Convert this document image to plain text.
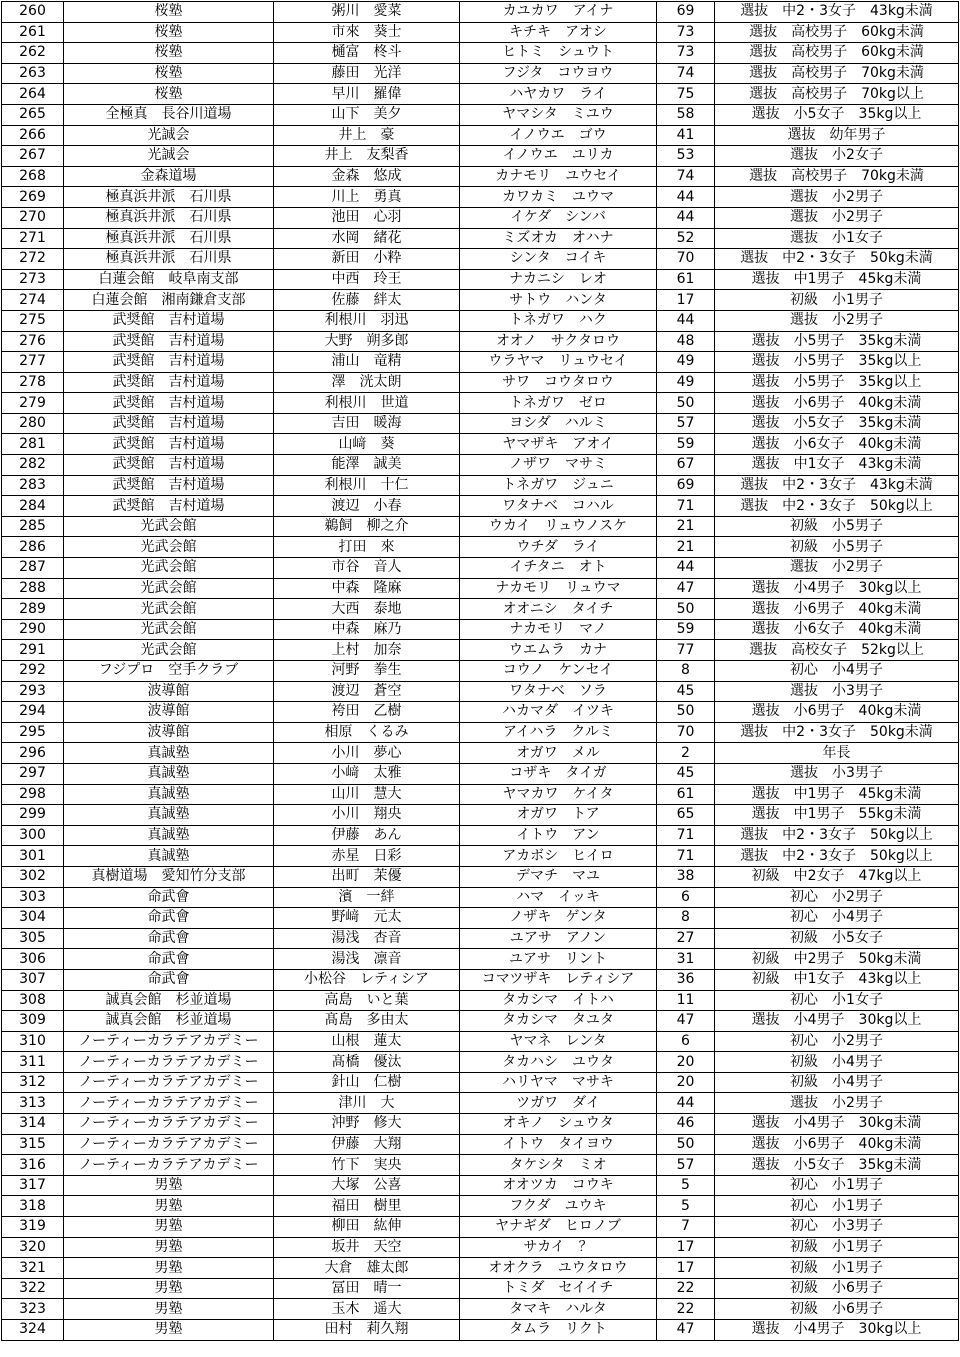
260	桜塾	粥川　愛菜	カユカワ　アイナ	69	選抜　中2・3女子　43kg未満
261	桜塾	市來　葵士	キチキ　アオシ	73	選抜　高校男子　60kg未満
262	桜塾	樋富　柊斗	ヒトミ　シュウト	73	選抜　高校男子　60kg未満
263	桜塾	藤田　光洋	フジタ　コウヨウ	74	選抜　高校男子　70kg未満
264	桜塾	早川　羅偉	ハヤカワ　ライ	75	選抜　高校男子　70kg以上
265	全極真　長谷川道場	山下　美夕	ヤマシタ　ミユウ	58	選抜　小5女子　35kg以上
266	光誠会	井上　豪	イノウエ　ゴウ	41	選抜　幼年男子
267	光誠会	井上　友梨香	イノウエ　ユリカ	53	選抜　小2女子
268	金森道場	金森　悠成	カナモリ　ユウセイ	74	選抜　高校男子　70kg未満
269	極真浜井派　石川県	川上　勇真	カワカミ　ユウマ	44	選抜　小2男子
270	極真浜井派　石川県	池田　心羽	イケダ　シンバ	44	選抜　小2男子
271	極真浜井派　石川県	水岡　緒花	ミズオカ　オハナ	52	選抜　小1女子
272	極真浜井派　石川県	新田　小粋	シンタ　コイキ	70	選抜　中2・3女子　50kg未満
273	白蓮会館　岐阜南支部	中西　玲王	ナカニシ　レオ	61	選抜　中1男子　45kg未満
274	白蓮会館　湘南鎌倉支部	佐藤　絆太	サトウ　ハンタ	17	初級　小1男子
275	武奨館　吉村道場	利根川　羽迅	トネガワ　ハク	44	選抜　小2男子
276	武奨館　吉村道場	大野　朔多郎	オオノ　サクタロウ	48	選抜　小5男子　35kg未満
277	武奨館　吉村道場	浦山　竜精	ウラヤマ　リュウセイ	49	選抜　小5男子　35kg以上
278	武奨館　吉村道場	澤　洸太朗	サワ　コウタロウ	49	選抜　小5男子　35kg以上
279	武奨館　吉村道場	利根川　世道	トネガワ　ゼロ	50	選抜　小6男子　40kg未満
280	武奨館　吉村道場	吉田　暖海	ヨシダ　ハルミ	57	選抜　小5女子　35kg未満
281	武奨館　吉村道場	山﨑　葵	ヤマザキ　アオイ	59	選抜　小6女子　40kg未満
282	武奨館　吉村道場	能澤　誠美	ノザワ　マサミ	67	選抜　中1女子　43kg未満
283	武奨館　吉村道場	利根川　十仁	トネガワ　ジュニ	69	選抜　中2・3女子　43kg未満
284	武奨館　吉村道場	渡辺　小春	ワタナベ　コハル	71	選抜　中2・3女子　50kg以上
285	光武会館	鵜飼　柳之介	ウカイ　リュウノスケ	21	初級　小5男子
286	光武会館	打田　來	ウチダ　ライ	21	初級　小5男子
287	光武会館	市谷　音人	イチタニ　オト	44	選抜　小2男子
288	光武会館	中森　隆麻	ナカモリ　リュウマ	47	選抜　小4男子　30kg以上
289	光武会館	大西　泰地	オオニシ　タイチ	50	選抜　小6男子　40kg未満
290	光武会館	中森　麻乃	ナカモリ　マノ	59	選抜　小6女子　40kg未満
291	光武会館	上村　加奈	ウエムラ　カナ	77	選抜　高校女子　52kg以上
292	フジプロ　空手クラブ	河野　拳生	コウノ　ケンセイ	8	初心　小4男子
293	波導館	渡辺　蒼空	ワタナベ　ソラ	45	選抜　小3男子
294	波導館	袴田　乙樹	ハカマダ　イツキ	50	選抜　小6男子　40kg未満
295	波導館	相原　くるみ	アイハラ　クルミ	70	選抜　中2・3女子　50kg未満
296	真誠塾	小川　夢心	オガワ　メル	2	年長
297	真誠塾	小﨑　太雅	コザキ　タイガ	45	選抜　小3男子
298	真誠塾	山川　慧大	ヤマカワ　ケイタ	61	選抜　中1男子　45kg未満
299	真誠塾	小川　翔央	オガワ　トア	65	選抜　中1男子　55kg未満
300	真誠塾	伊藤　あん	イトウ　アン	71	選抜　中2・3女子　50kg以上
301	真誠塾	赤星　日彩	アカボシ　ヒイロ	71	選抜　中2・3女子　50kg以上
302	真樹道場　愛知竹分支部	出町　茉優	デマチ　マユ	38	初級　中2女子　47kg以上
303	命武會	濱　一絆	ハマ　イッキ	6	初心　小2男子
304	命武會	野﨑　元太	ノザキ　ゲンタ	8	初心　小4男子
305	命武會	湯浅　杏音	ユアサ　アノン	27	初級　小5女子
306	命武會	湯浅　凛音	ユアサ　リント	31	初級　中2男子　50kg未満
307	命武會	小松谷　レティシア	コマツザキ　レティシア	36	初級　中1女子　43kg以上
308	誠真会館　杉並道場	高島　いと葉	タカシマ　イトハ	11	初心　小1女子
309	誠真会館　杉並道場	髙島　多由太	タカシマ　タユタ	47	選抜　小4男子　30kg以上
310	ノーティーカラテアカデミー	山根　蓮太	ヤマネ　レンタ	6	初心　小2男子
311	ノーティーカラテアカデミー	髙橋　優汰	タカハシ　ユウタ	20	初級　小4男子
312	ノーティーカラテアカデミー	針山　仁樹	ハリヤマ　マサキ	20	初級　小4男子
313	ノーティーカラテアカデミー	津川　大	ツガワ　ダイ	44	選抜　小2男子
314	ノーティーカラテアカデミー	沖野　修大	オキノ　シュウタ	46	選抜　小4男子　30kg未満
315	ノーティーカラテアカデミー	伊藤　大翔	イトウ　タイヨウ	50	選抜　小6男子　40kg未満
316	ノーティーカラテアカデミー	竹下　実央	タケシタ　ミオ	57	選抜　小5女子　35kg未満
317	男塾	大塚　公喜	オオツカ　コウキ	5	初心　小1男子
318	男塾	福田　樹里	フクダ　ユウキ	5	初心　小1男子
319	男塾	柳田　紘伸	ヤナギダ　ヒロノブ	7	初心　小3男子
320	男塾	坂井　天空	サカイ　？	17	初級　小1男子
321	男塾	大倉　雄太郎	オオクラ　ユウタロウ	17	初級　小1男子
322	男塾	冨田　晴一	トミダ　セイイチ	22	初級　小6男子
323	男塾	玉木　遥大	タマキ　ハルタ	22	初級　小6男子
324	男塾	田村　莉久翔	タムラ　リクト	47	選抜　小4男子　30kg以上
